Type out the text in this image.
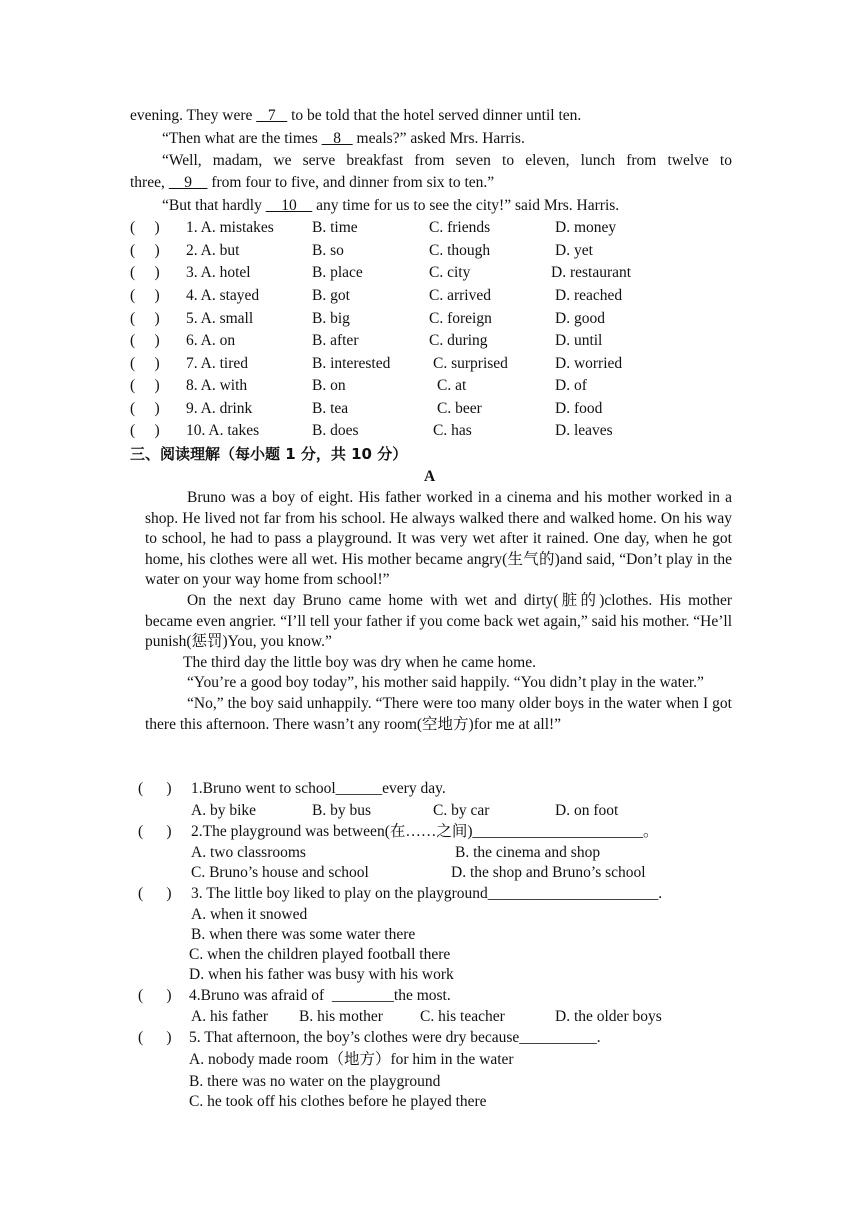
evening. They were    7    to be told that the hotel served dinner until ten.
“Then what are the times    8    meals?” asked Mrs. Harris.
“Well, madam, we serve breakfast from seven to eleven, lunch from twelve to
three,     9     from four to five, and dinner from six to ten.”
“But that hardly     10     any time for us to see the city!” said Mrs. Harris.
(     ) 1. A. mistakes B. time	C. friends	D. money
(     ) 2. A. but	B. so	C. though	D. yet
(     ) 3. A. hotel	B. place	C. city	D. restaurant
(     ) 4. A. stayed	B. got	C. arrived	D. reached
(     ) 5. A. small	B. big	C. foreign	D. good
(     ) 6. A. on	B. after	C. during	D. until
(     ) 7. A. tired	B. interested	C. surprised	D. worried
(     ) 8. A. with	B. on	C. at	D. of
(     ) 9. A. drink	B. tea	C. beer	D. food
(     ) 10. A. takes	B. does	C. has	D. leaves
三、阅读理解（每小题 1 分，共 10 分）
A

Bruno was a boy of eight. His father worked in a cinema and his mother worked in a shop. He lived not far from his school. He always walked there and walked home. On his way to school, he had to pass a playground. It was very wet after it rained. One day, when he got home, his clothes were all wet. His mother became angry(生气的)and said, “Don’t play in the water on your way home from school!”

On the next day Bruno came home with wet and dirty(脏的)clothes. His mother became even angrier. “I’ll tell your father if you come back wet again,” said his mother. “He’ll punish(惩罚)You, you know.”

The third day the little boy was dry when he came home.

“You’re a good boy today”, his mother said happily. “You didn’t play in the water.”

“No,” the boy said unhappily. “There were too many older boys in the water when I got there this afternoon. There wasn’t any room(空地方)for me at all!”

(      ) 1.Bruno went to school______every day.
A. by bike	B. by bus	C. by car	D. on foot
(      ) 2.The playground was between(在……之间)______________________。
A. two classrooms	B. the cinema and shop
C. Bruno’s house and school	D. the shop and Bruno’s school
(      ) 3. The little boy liked to play on the playground______________________.
A. when it snowed
B. when there was some water there
C. when the children played football there
D. when his father was busy with his work
(      ) 4.Bruno was afraid of  ________the most.
A. his father B. his mother C. his teacher	D. the older boys
(      ) 5. That afternoon, the boy’s clothes were dry because__________.
A. nobody made room（地方）for him in the water
B. there was no water on the playground
C. he took off his clothes before he played there
